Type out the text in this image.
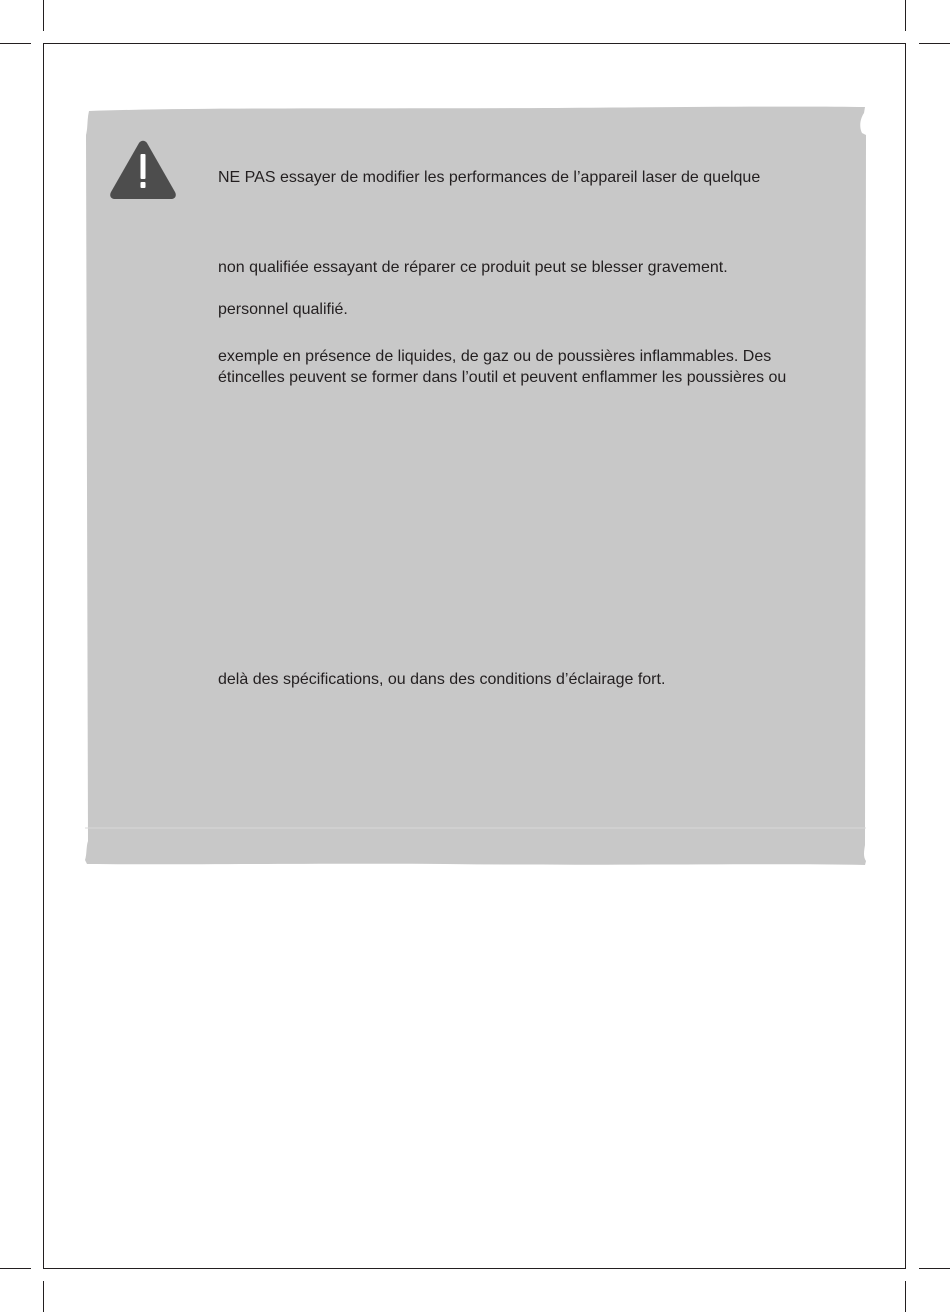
NE PAS essayer de modifier les performances de l’appareil laser de quelque

non qualifiée essayant de réparer ce produit peut se blesser gravement.

personnel qualifié.

exemple en présence de liquides, de gaz ou de poussières inflammables. Des
étincelles peuvent se former dans l’outil et peuvent enflammer les poussières ou

delà des spécifications, ou dans des conditions d’éclairage fort.
